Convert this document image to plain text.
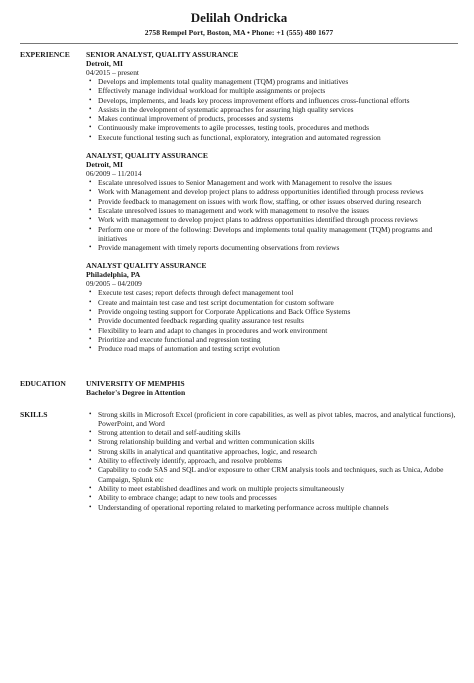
Delilah Ondricka
2758 Rempel Port, Boston, MA • Phone: +1 (555) 480 1677
EXPERIENCE	SENIOR ANALYST, QUALITY ASSURANCE
Detroit, MI
04/2015 – present
• Develops and implements total quality management (TQM) programs and initiatives
• Effectively manage individual workload for multiple assignments or projects
• Develops, implements, and leads key process improvement efforts and influences cross-functional efforts
• Assists in the development of systematic approaches for assuring high quality services
• Makes continual improvement of products, processes and systems
• Continuously make improvements to agile processes, testing tools, procedures and methods
• Execute functional testing such as functional, exploratory, integration and automated regression
ANALYST, QUALITY ASSURANCE
Detroit, MI
06/2009 – 11/2014
• Escalate unresolved issues to Senior Management and work with Management to resolve the issues
• Work with Management and develop project plans to address opportunities identified through process reviews
• Provide feedback to management on issues with work flow, staffing, or other issues observed during research
• Escalate unresolved issues to management and work with management to resolve the issues
• Work with management to develop project plans to address opportunities identified through process reviews
• Perform one or more of the following: Develops and implements total quality management (TQM) programs and initiatives
• Provide management with timely reports documenting observations from reviews
ANALYST QUALITY ASSURANCE
Philadelphia, PA
09/2005 – 04/2009
• Execute test cases; report defects through defect management tool
• Create and maintain test case and test script documentation for custom software
• Provide ongoing testing support for Corporate Applications and Back Office Systems
• Provide documented feedback regarding quality assurance test results
• Flexibility to learn and adapt to changes in procedures and work environment
• Prioritize and execute functional and regression testing
• Produce road maps of automation and testing script evolution
EDUCATION	UNIVERSITY OF MEMPHIS
Bachelor's Degree in Attention
SKILLS
•	Strong skills in Microsoft Excel (proficient in core capabilities, as well as pivot tables, macros, and analytical functions), PowerPoint, and Word
• Strong attention to detail and self-auditing skills
• Strong relationship building and verbal and written communication skills
• Strong skills in analytical and quantitative approaches, logic, and research
• Ability to effectively identify, approach, and resolve problems
• Capability to code SAS and SQL and/or exposure to other CRM analysis tools and techniques, such as Unica, Adobe Campaign, Splunk etc
• Ability to meet established deadlines and work on multiple projects simultaneously
• Ability to embrace change; adapt to new tools and processes
• Understanding of operational reporting related to marketing performance across multiple channels
